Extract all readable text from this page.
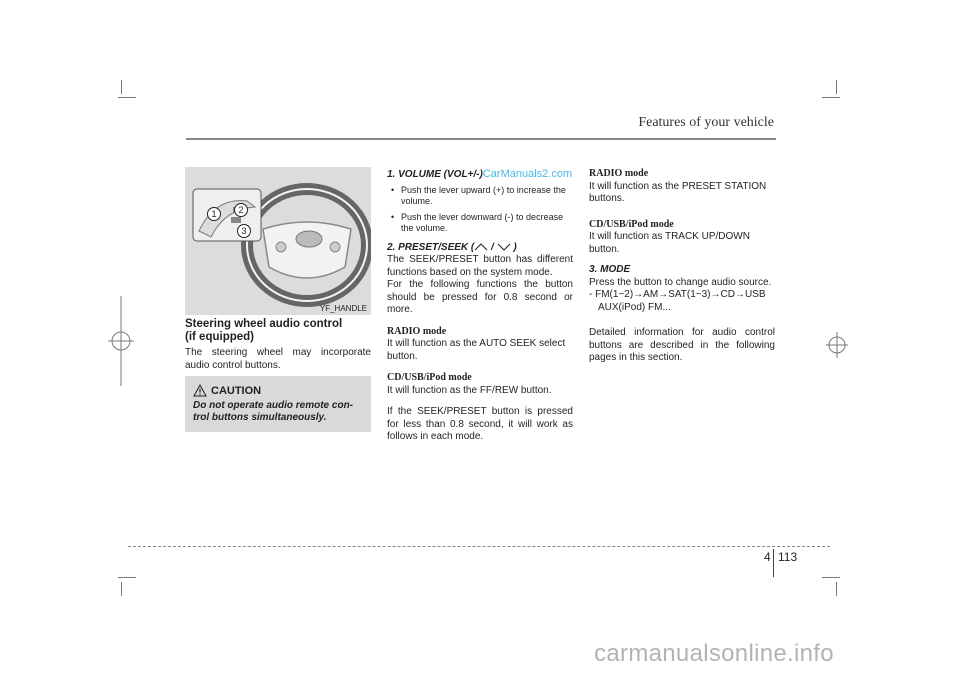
Features of your vehicle
1	2
3
YF_HANDLE
Steering wheel audio control
(if equipped)

The steering wheel may incorporate audio control buttons.

CAUTION
Do not operate audio remote con- trol buttons simultaneously.
1. VOLUME (VOL+/-)CarManuals2.com
• Push the lever upward (+) to increase the volume.
• Push the lever downward (-) to decrease the volume.
2. PRESET/SEEK ( /  )

The SEEK/PRESET button has different functions based on the system mode.

For the following functions the button should be pressed for 0.8 second or more.

RADIO mode

It will function as the AUTO SEEK select button.

CD/USB/iPod mode

It will function as the FF/REW button.

If the SEEK/PRESET button is pressed for less than 0.8 second, it will work as follows in each mode.

RADIO mode

It will function as the PRESET STATION buttons.

CD/USB/iPod mode

It will function as TRACK UP/DOWN button.

3. MODE

Press the button to change audio source.

- FM(1~2)→AM→SAT(1~3)→CD→USB

AUX(iPod) FM...

Detailed information for audio control buttons are described in the following pages in this section.

4 113
carmanualsonline.info
